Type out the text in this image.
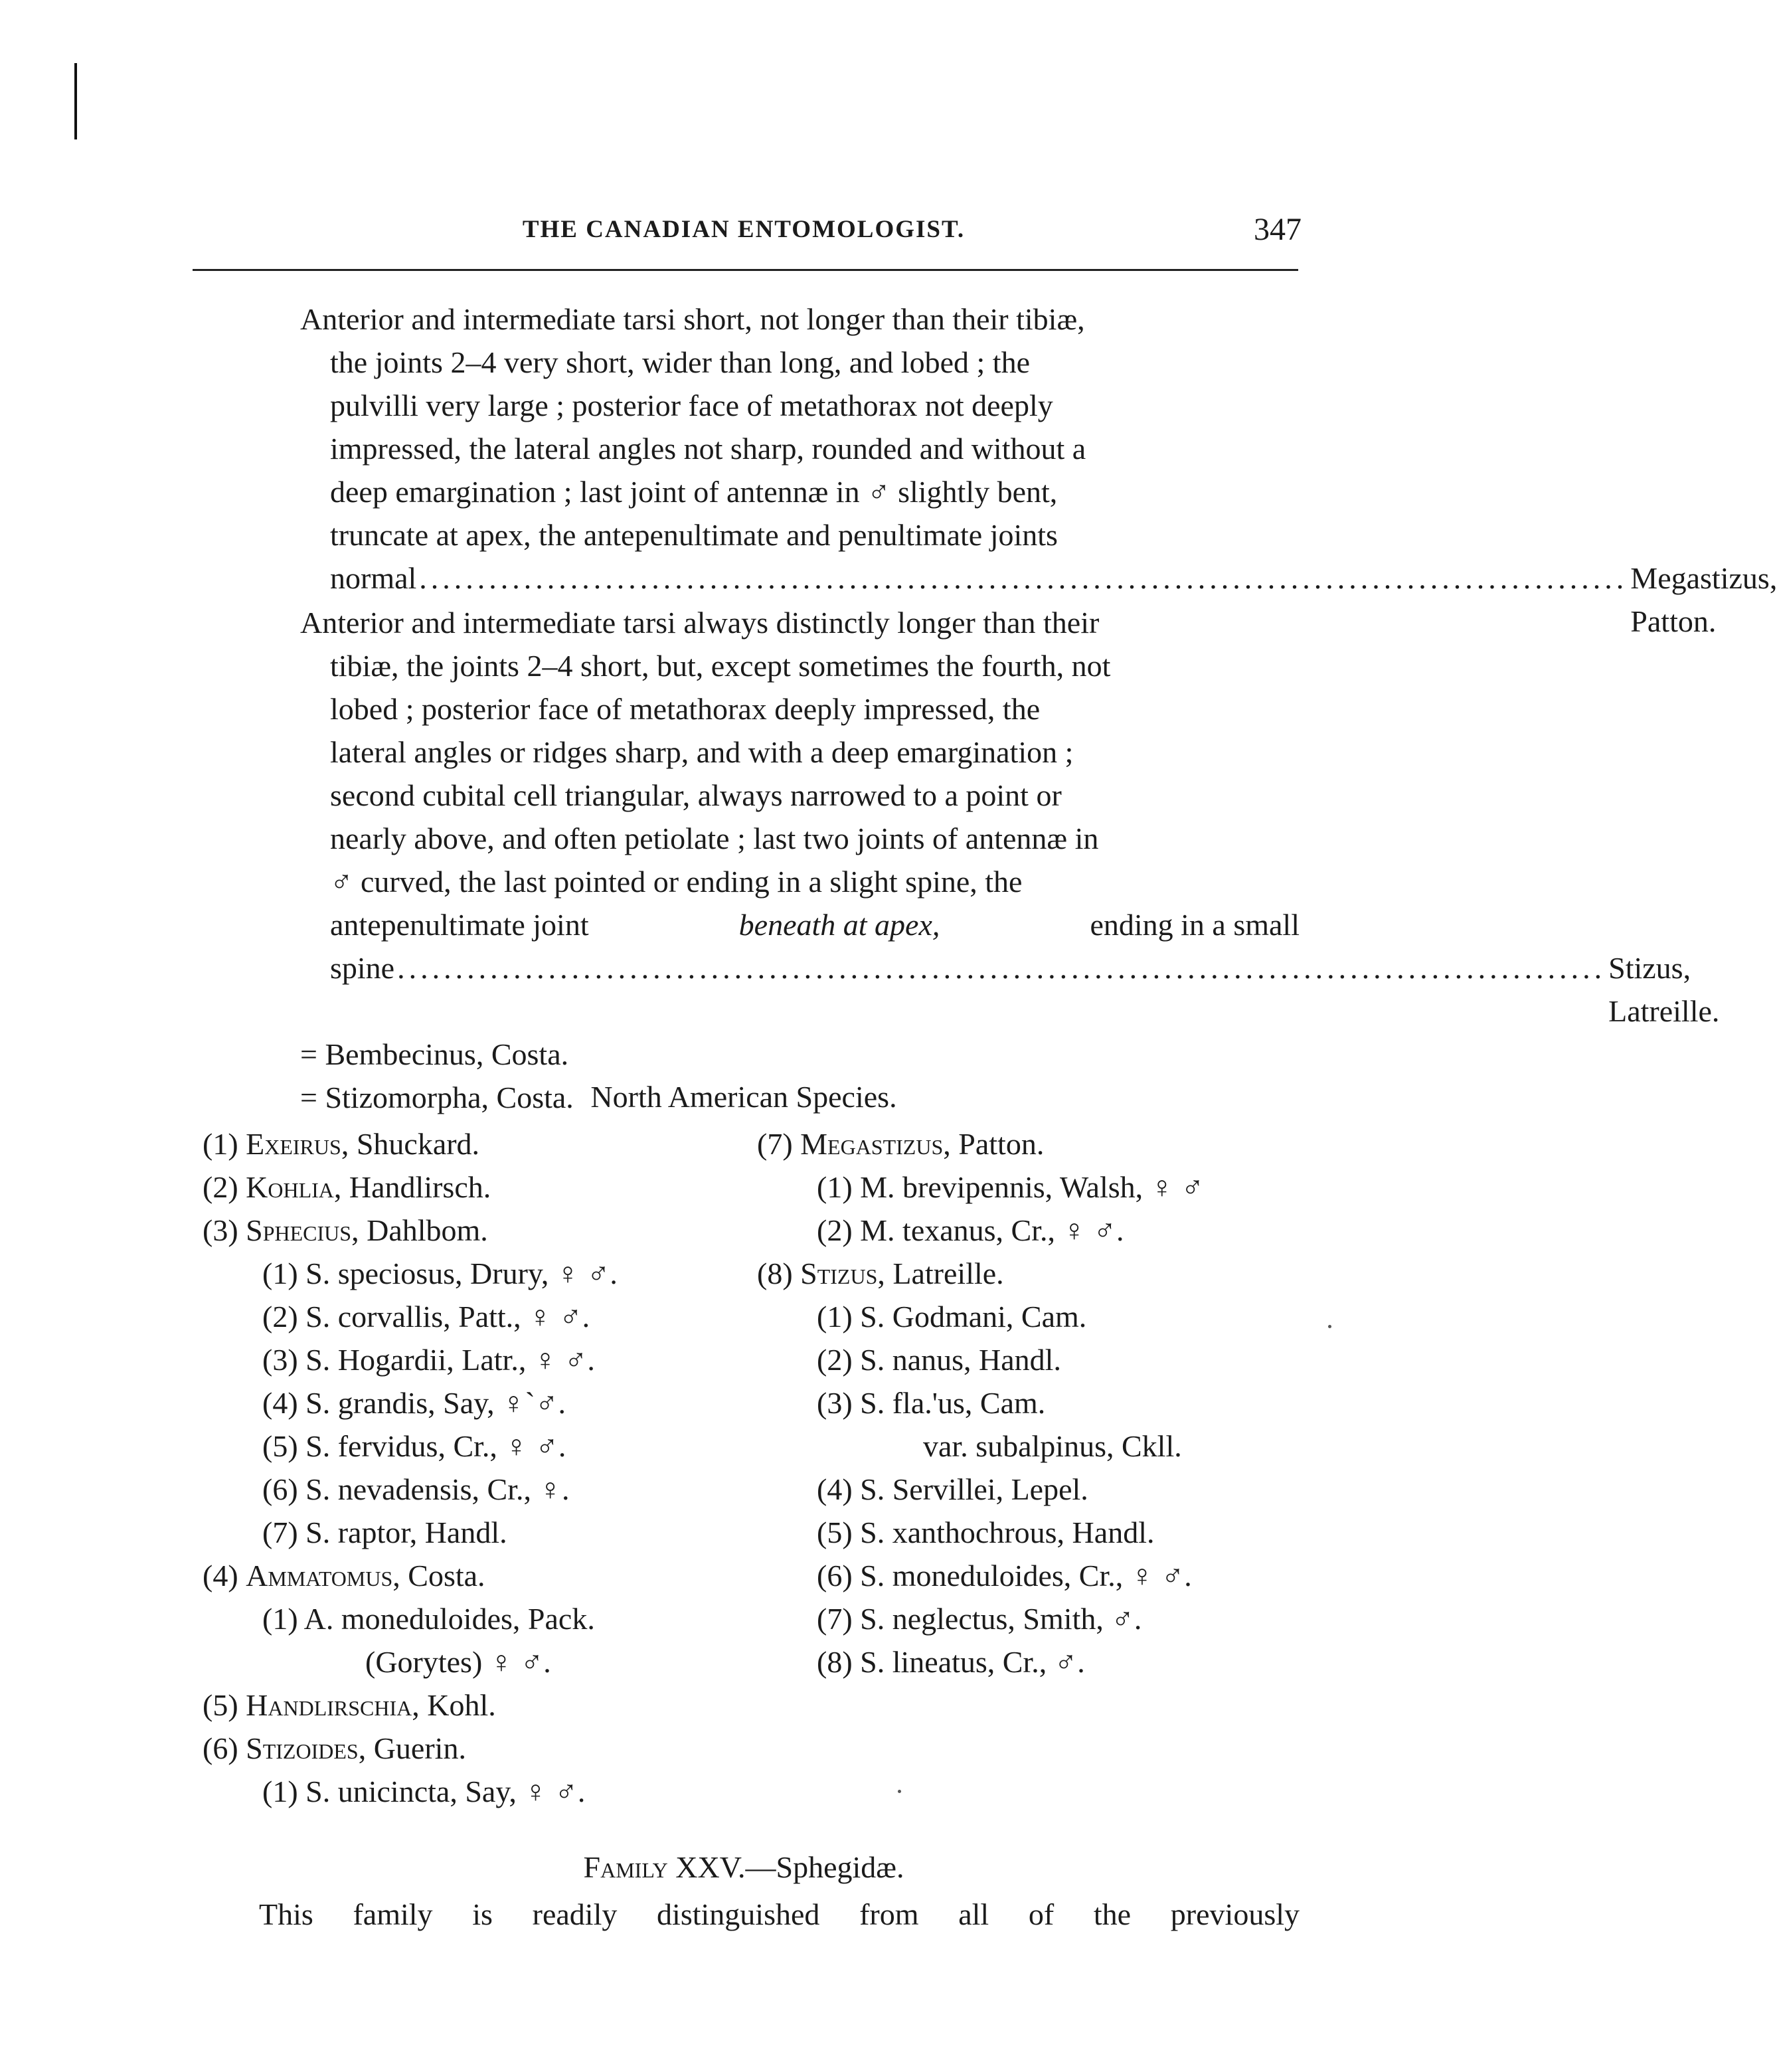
THE CANADIAN ENTOMOLOGIST.	347

Anterior and intermediate tarsi short, not longer than their tibiæ,

the joints 2–4 very short, wider than long, and lobed ; the

pulvilli very large ; posterior face of metathorax not deeply

impressed, the lateral angles not sharp, rounded and without a

deep emargination ; last joint of antennæ in ♂ slightly bent,

truncate at apex, the antepenultimate and penultimate joints

normal ........................................................................................................ Megastizus, Patton.

Anterior and intermediate tarsi always distinctly longer than their

tibiæ, the joints 2–4 short, but, except sometimes the fourth, not

lobed ; posterior face of metathorax deeply impressed, the

lateral angles or ridges sharp, and with a deep emargination ;

second cubital cell triangular, always narrowed to a point or

nearly above, and often petiolate ; last two joints of antennæ in

♂ curved, the last pointed or ending in a slight spine, the

antepenultimate joint	beneath at apex,	ending in a small

spine ........................................................................................................ Stizus, Latreille.

= Bembecinus, Costa.

= Stizomorpha, Costa. North American Species.
(1) Exeirus, Shuckard.
(2) Kohlia, Handlirsch.
(3) Sphecius, Dahlbom.
(1) S. speciosus, Drury, ♀ ♂.
(2) S. corvallis, Patt., ♀ ♂.
(3) S. Hogardii, Latr., ♀ ♂.
(4) S. grandis, Say, ♀`♂.
(5) S. fervidus, Cr., ♀ ♂.
(6) S. nevadensis, Cr., ♀.
(7) S. raptor, Handl.
(4) Ammatomus, Costa.
(1) A. moneduloides, Pack.
(Gorytes) ♀ ♂.
(5) Handlirschia, Kohl.
(6) Stizoides, Guerin.
(1) S. unicincta, Say, ♀ ♂.
(7) Megastizus, Patton.
(1) M. brevipennis, Walsh, ♀ ♂
(2) M. texanus, Cr., ♀ ♂.
(8) Stizus, Latreille.
(1) S. Godmani, Cam.
(2) S. nanus, Handl.
(3) S. fla.'us, Cam.
var. subalpinus, Ckll.
(4) S. Servillei, Lepel.
(5) S. xanthochrous, Handl.
(6) S. moneduloides, Cr., ♀ ♂.
(7) S. neglectus, Smith, ♂.
(8) S. lineatus, Cr., ♂.
Family XXV.—Sphegidæ.
This family is readily distinguished from all of the previously
